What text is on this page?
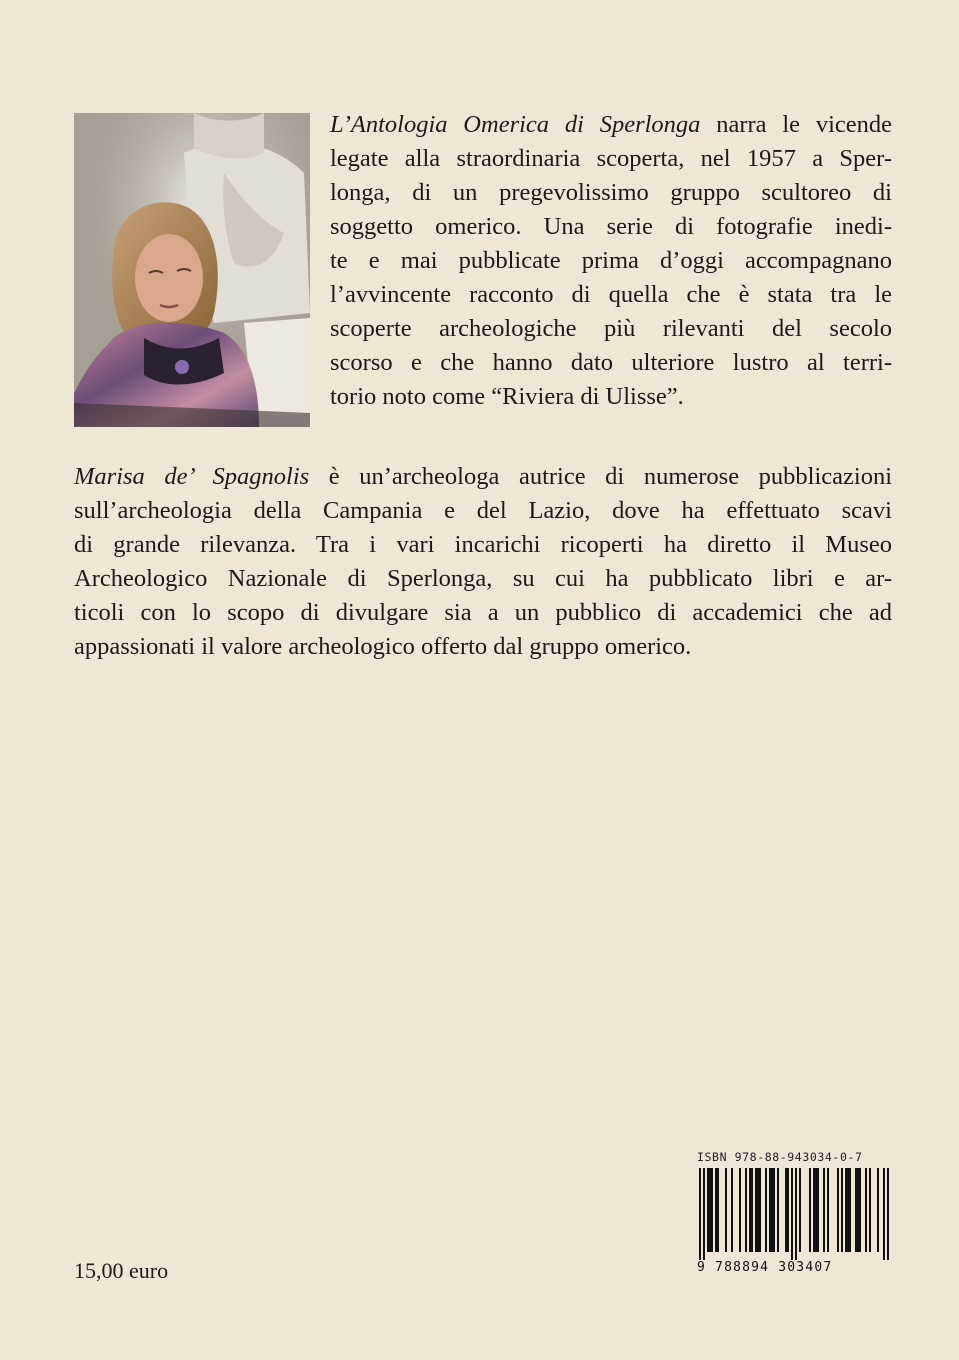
L’Antologia Omerica di Sperlonga narra le vicende
legate alla straordinaria scoperta, nel 1957 a Sper-
longa, di un pregevolissimo gruppo scultoreo di
soggetto omerico. Una serie di fotografie inedi-
te e mai pubblicate prima d’oggi accompagnano
l’avvincente racconto di quella che è stata tra le
scoperte archeologiche più rilevanti del secolo
scorso e che hanno dato ulteriore lustro al terri-
torio noto come “Riviera di Ulisse”.

Marisa de’ Spagnolis è un’archeologa autrice di numerose pubblicazioni
sull’archeologia della Campania e del Lazio, dove ha effettuato scavi
di grande rilevanza. Tra i vari incarichi ricoperti ha diretto il Museo
Archeologico Nazionale di Sperlonga, su cui ha pubblicato libri e ar-
ticoli con lo scopo di divulgare sia a un pubblico di accademici che ad
appassionati il valore archeologico offerto dal gruppo omerico.

15,00 euro
ISBN 978-88-943034-0-7
9 788894 303407
